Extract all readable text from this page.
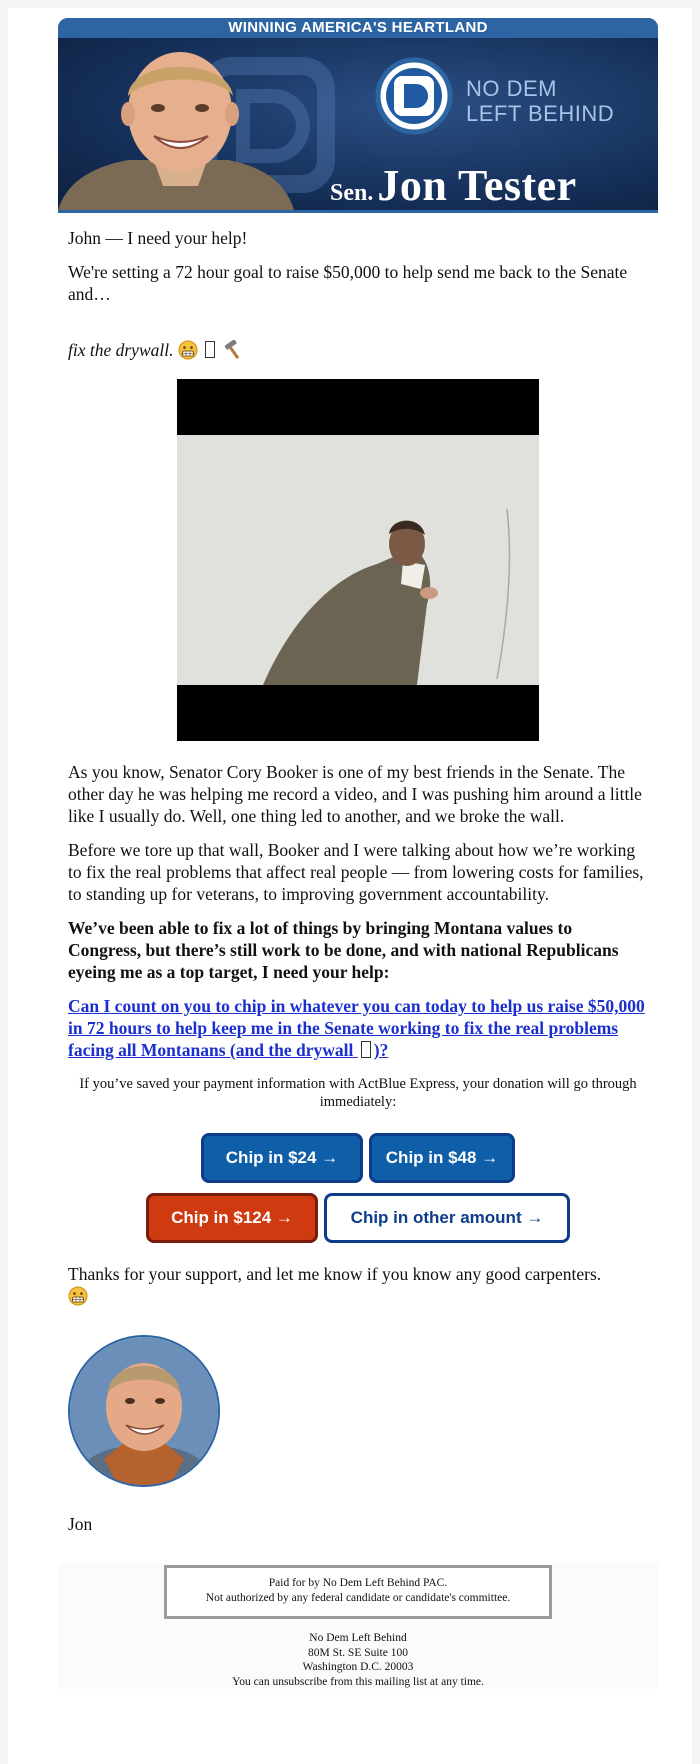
WINNING AMERICA'S HEARTLAND
NO DEM
LEFT BEHIND
Sen. Jon Tester

John — I need your help!

We're setting a 72 hour goal to raise $50,000 to help send me back to the Senate and…

fix the drywall.

As you know, Senator Cory Booker is one of my best friends in the Senate. The other day he was helping me record a video, and I was pushing him around a little like I usually do. Well, one thing led to another, and we broke the wall.

Before we tore up that wall, Booker and I were talking about how we’re working to fix the real problems that affect real people — from lowering costs for families, to standing up for veterans, to improving government accountability.

We’ve been able to fix a lot of things by bringing Montana values to Congress, but there’s still work to be done, and with national Republicans eyeing me as a top target, I need your help:

Can I count on you to chip in whatever you can today to help us raise $50,000 in 72 hours to help keep me in the Senate working to fix the real problems facing all Montanans (and the drywall )?

If you’ve saved your payment information with ActBlue Express, your donation will go through immediately:
Chip in $24 →	Chip in $48 →
Chip in $124 →	Chip in other amount →

Thanks for your support, and let me know if you know any good carpenters.

Jon

Paid for by No Dem Left Behind PAC.
Not authorized by any federal candidate or candidate's committee.
No Dem Left Behind
80M St. SE Suite 100
Washington D.C. 20003
You can unsubscribe from this mailing list at any time.
